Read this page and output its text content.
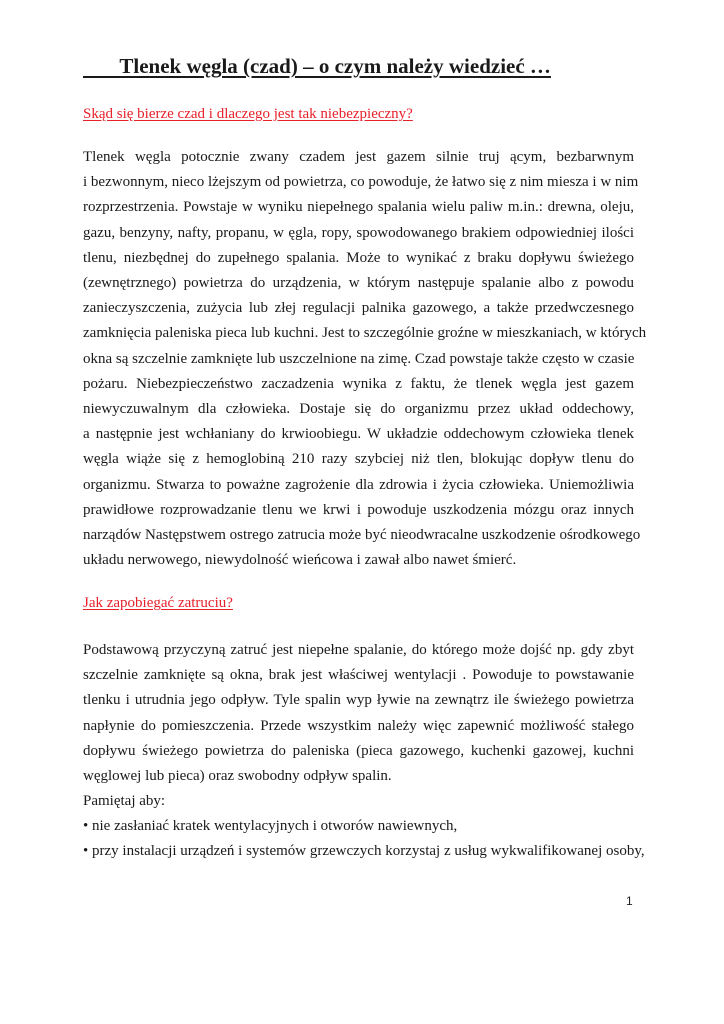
Tlenek węgla (czad) – o czym należy wiedzieć …

Skąd się bierze czad i dlaczego jest tak niebezpieczny?

Tlenek węgla potocznie zwany czadem jest gazem silnie truj ącym, bezbarwnym
i bezwonnym, nieco lżejszym od powietrza, co powoduje, że łatwo się z nim miesza i w nim
rozprzestrzenia. Powstaje w wyniku niepełnego spalania wielu paliw m.in.: drewna, oleju,
gazu, benzyny, nafty, propanu, w ęgla, ropy, spowodowanego brakiem odpowiedniej ilości
tlenu, niezbędnej do zupełnego spalania. Może to wynikać z braku dopływu świeżego
(zewnętrznego) powietrza do urządzenia, w którym następuje spalanie albo z powodu
zanieczyszczenia, zużycia lub złej regulacji palnika gazowego, a także przedwczesnego
zamknięcia paleniska pieca lub kuchni. Jest to szczególnie groźne w mieszkaniach, w których
okna są szczelnie zamknięte lub uszczelnione na zimę. Czad powstaje także często w czasie
pożaru. Niebezpieczeństwo zaczadzenia wynika z faktu, że tlenek węgla jest gazem
niewyczuwalnym dla człowieka. Dostaje się do organizmu przez układ oddechowy,
a następnie jest wchłaniany do krwioobiegu. W układzie oddechowym człowieka tlenek
węgla wiąże się z hemoglobiną 210 razy szybciej niż tlen, blokując dopływ tlenu do
organizmu. Stwarza to poważne zagrożenie dla zdrowia i życia człowieka. Uniemożliwia
prawidłowe rozprowadzanie tlenu we krwi i powoduje uszkodzenia mózgu oraz innych
narządów Następstwem ostrego zatrucia może być nieodwracalne uszkodzenie ośrodkowego
układu nerwowego, niewydolność wieńcowa i zawał albo nawet śmierć.

Jak zapobiegać zatruciu?

Podstawową przyczyną zatruć jest niepełne spalanie, do którego może dojść np. gdy zbyt
szczelnie zamknięte są okna, brak jest właściwej wentylacji . Powoduje to powstawanie
tlenku i utrudnia jego odpływ. Tyle spalin wyp ływie na zewnątrz ile świeżego powietrza
napłynie do pomieszczenia. Przede wszystkim należy więc zapewnić możliwość stałego
dopływu świeżego powietrza do paleniska (pieca gazowego, kuchenki gazowej, kuchni
węglowej lub pieca) oraz swobodny odpływ spalin.

Pamiętaj aby:

• nie zasłaniać kratek wentylacyjnych i otworów nawiewnych,

• przy instalacji urządzeń i systemów grzewczych korzystaj z usług wykwalifikowanej osoby,

1
